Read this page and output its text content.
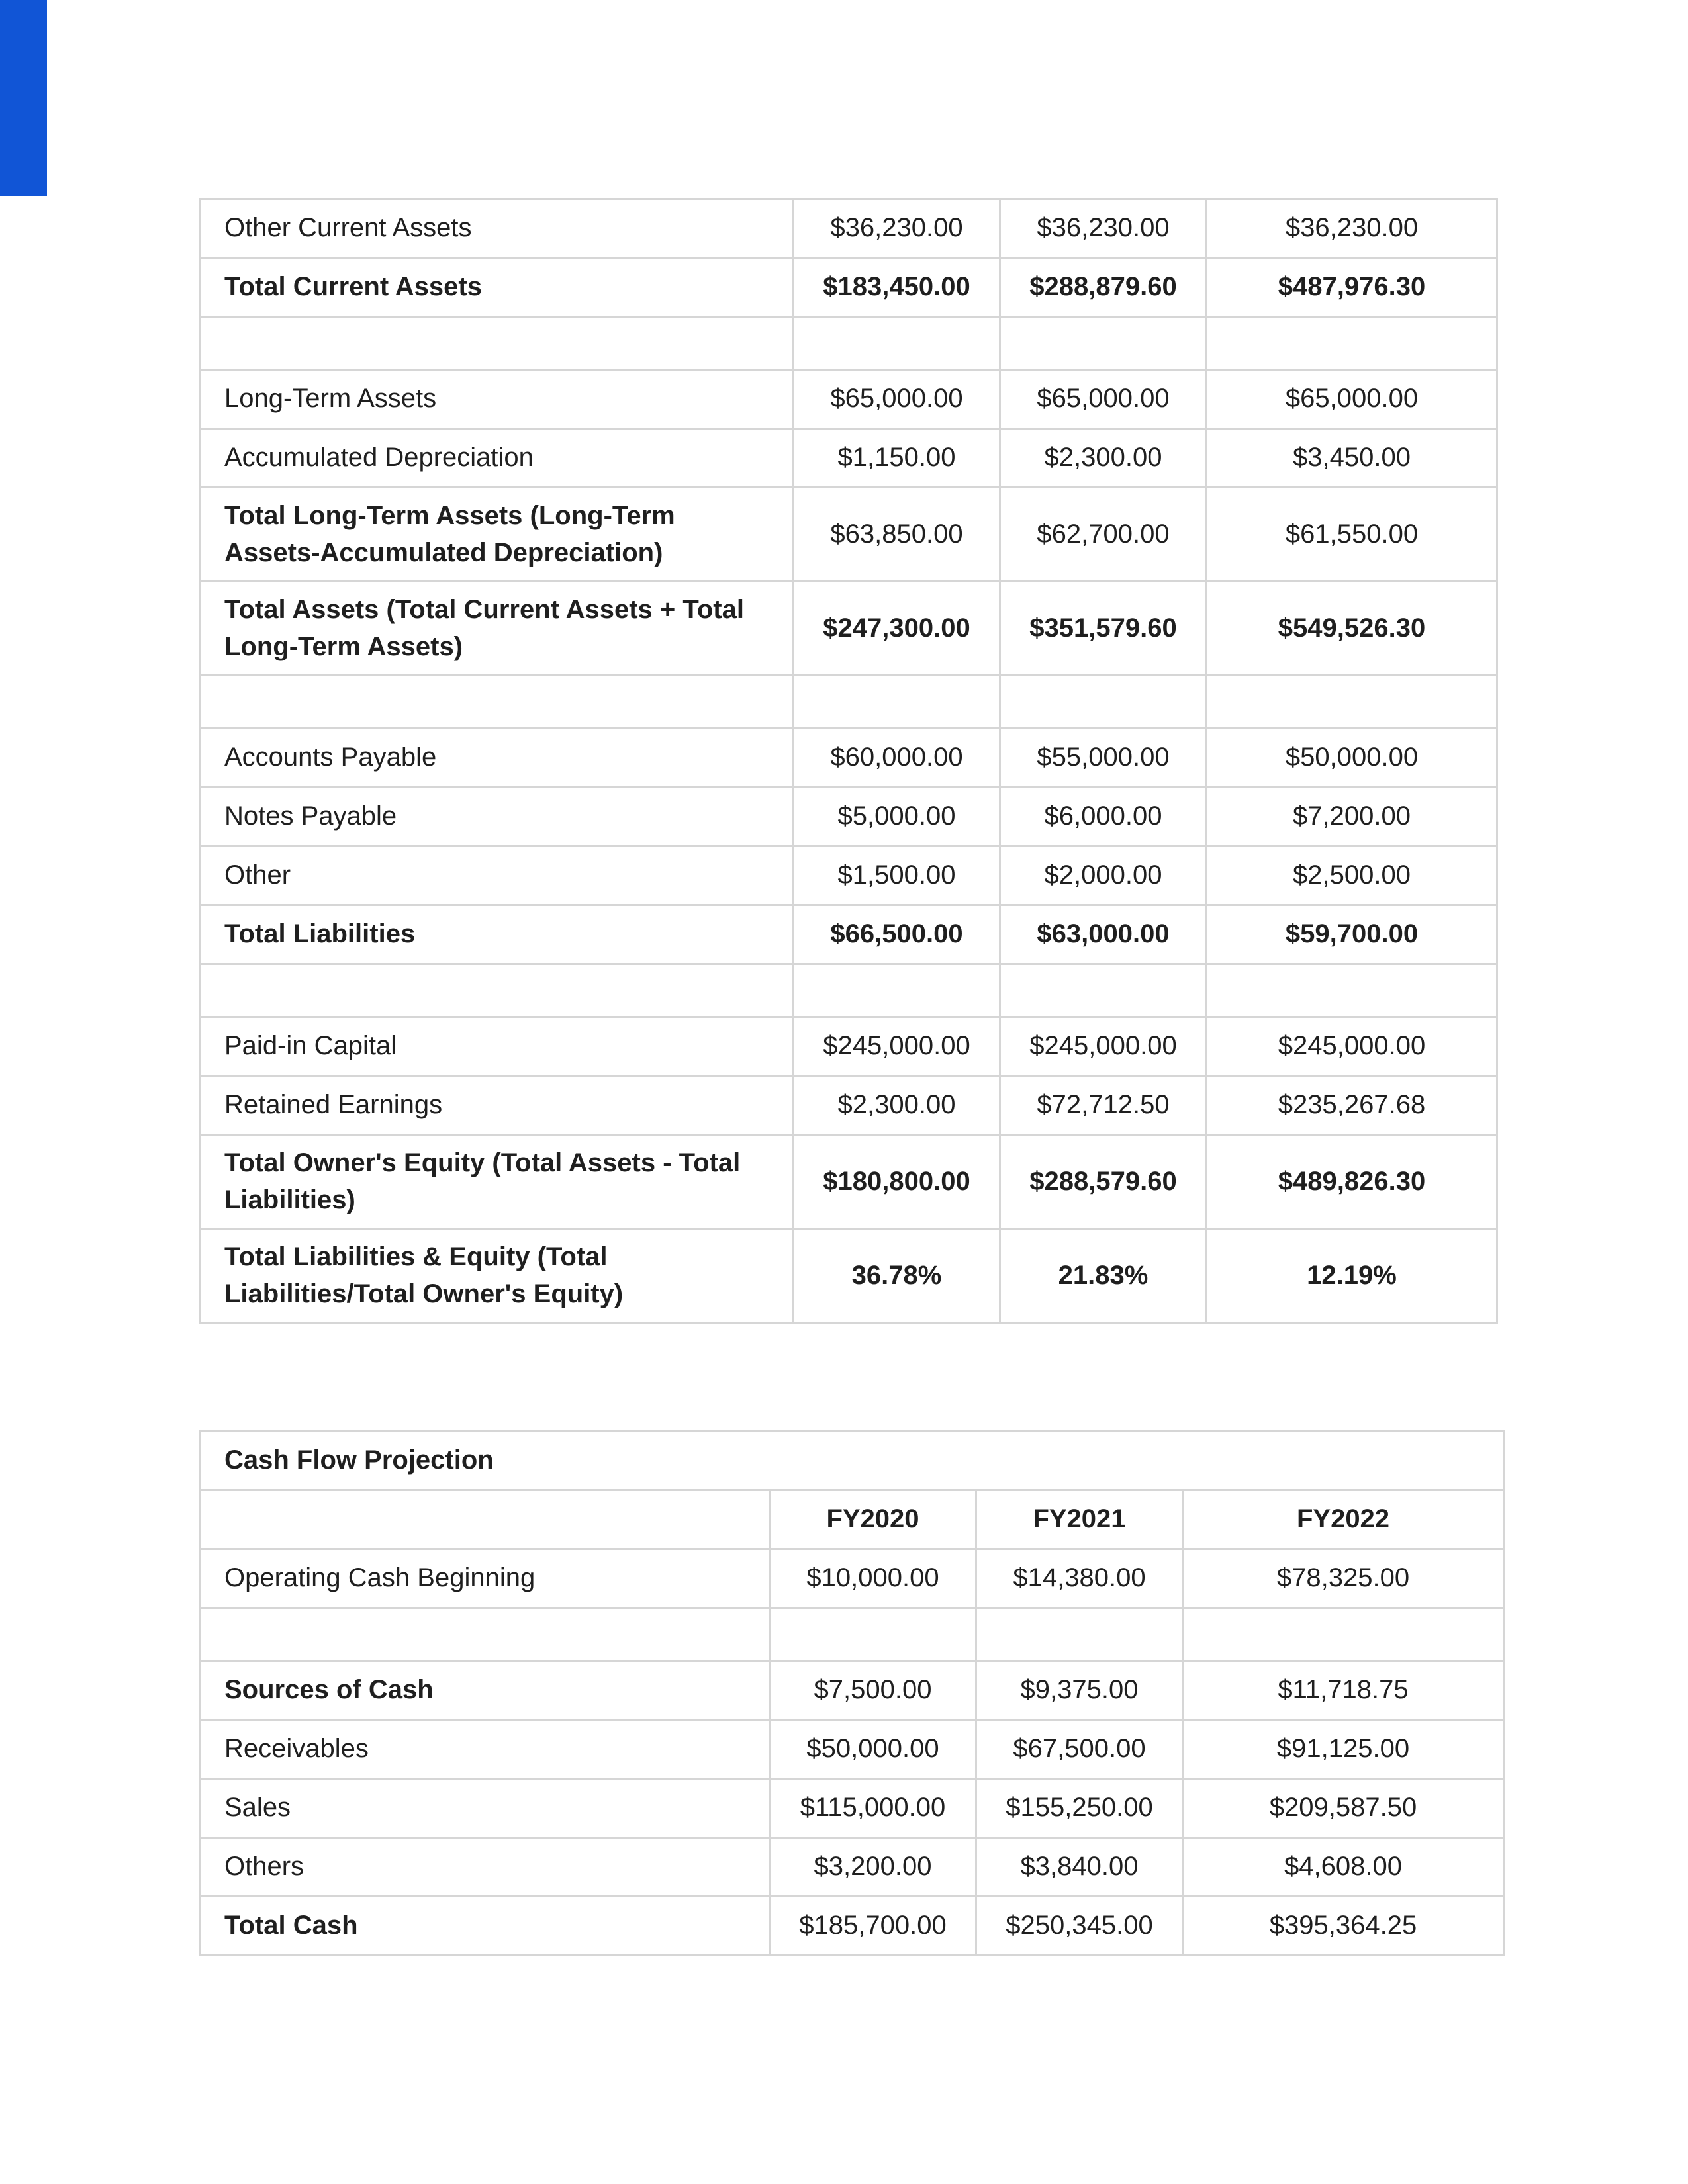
Other Current Assets	$36,230.00	$36,230.00	$36,230.00
Total Current Assets	$183,450.00	$288,879.60	$487,976.30

Long-Term Assets	$65,000.00	$65,000.00	$65,000.00
Accumulated Depreciation	$1,150.00	$2,300.00	$3,450.00
Total Long-Term Assets (Long-Term Assets-Accumulated Depreciation)	$63,850.00	$62,700.00	$61,550.00
Total Assets (Total Current Assets + Total Long-Term Assets)	$247,300.00	$351,579.60	$549,526.30

Accounts Payable	$60,000.00	$55,000.00	$50,000.00
Notes Payable	$5,000.00	$6,000.00	$7,200.00
Other	$1,500.00	$2,000.00	$2,500.00
Total Liabilities	$66,500.00	$63,000.00	$59,700.00

Paid-in Capital	$245,000.00	$245,000.00	$245,000.00
Retained Earnings	$2,300.00	$72,712.50	$235,267.68
Total Owner's Equity (Total Assets - Total Liabilities)	$180,800.00	$288,579.60	$489,826.30
Total Liabilities & Equity (Total Liabilities/Total Owner's Equity)	36.78%	21.83%	12.19%
Cash Flow Projection			
	FY2020	FY2021	FY2022
Operating Cash Beginning	$10,000.00	$14,380.00	$78,325.00

Sources of Cash	$7,500.00	$9,375.00	$11,718.75
Receivables	$50,000.00	$67,500.00	$91,125.00
Sales	$115,000.00	$155,250.00	$209,587.50
Others	$3,200.00	$3,840.00	$4,608.00
Total Cash	$185,700.00	$250,345.00	$395,364.25
